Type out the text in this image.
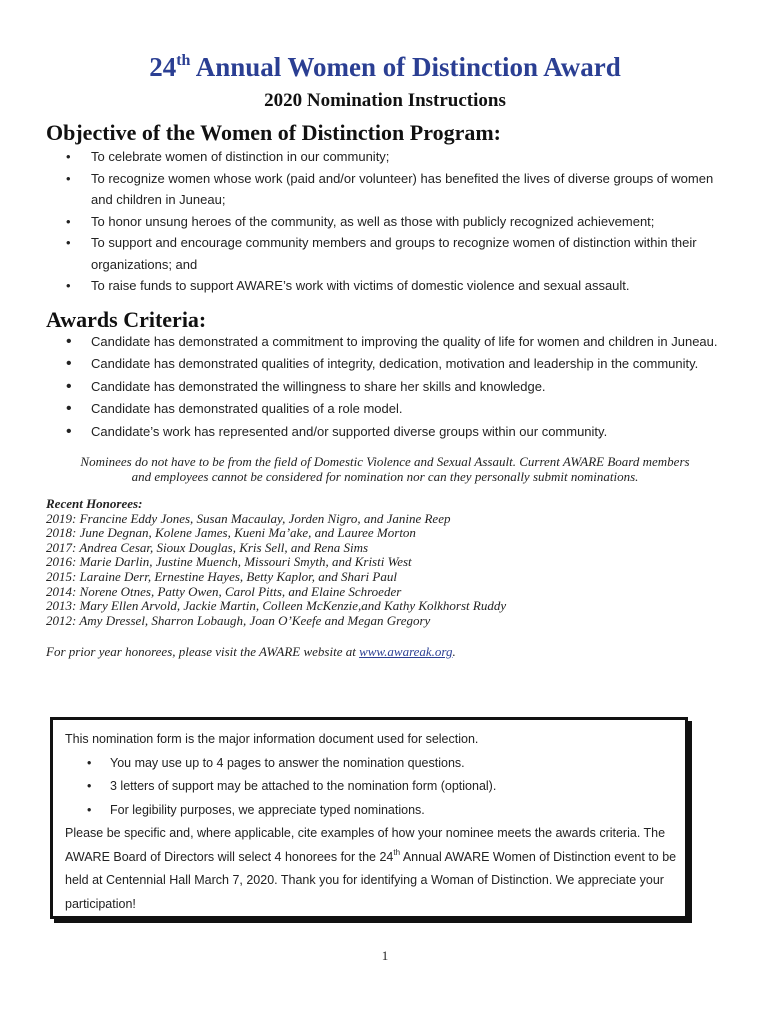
24th Annual Women of Distinction Award
2020 Nomination Instructions
Objective of the Women of Distinction Program:
• To celebrate women of distinction in our community;
• To recognize women whose work (paid and/or volunteer) has benefited the lives of diverse groups of women and children in Juneau;
• To honor unsung heroes of the community, as well as those with publicly recognized achievement;
• To support and encourage community members and groups to recognize women of distinction within their organizations; and
• To raise funds to support AWARE’s work with victims of domestic violence and sexual assault.
Awards Criteria:
• Candidate has demonstrated a commitment to improving the quality of life for women and children in Juneau.
• Candidate has demonstrated qualities of integrity, dedication, motivation and leadership in the community.
• Candidate has demonstrated the willingness to share her skills and knowledge.
• Candidate has demonstrated qualities of a role model.
• Candidate’s work has represented and/or supported diverse groups within our community.
Nominees do not have to be from the field of Domestic Violence and Sexual Assault. Current AWARE Board members
and employees cannot be considered for nomination nor can they personally submit nominations.
Recent Honorees:
2019: Francine Eddy Jones, Susan Macaulay, Jorden Nigro, and Janine Reep
2018: June Degnan, Kolene James, Kueni Ma’ake, and Lauree Morton
2017: Andrea Cesar, Sioux Douglas, Kris Sell, and Rena Sims
2016: Marie Darlin, Justine Muench, Missouri Smyth, and Kristi West
2015: Laraine Derr, Ernestine Hayes, Betty Kaplor, and Shari Paul
2014: Norene Otnes, Patty Owen, Carol Pitts, and Elaine Schroeder
2013: Mary Ellen Arvold, Jackie Martin, Colleen McKenzie,and Kathy Kolkhorst Ruddy
2012: Amy Dressel, Sharron Lobaugh, Joan O’Keefe and Megan Gregory
For prior year honorees, please visit the AWARE website at www.awareak.org.
This nomination form is the major information document used for selection.
• You may use up to 4 pages to answer the nomination questions.
• 3 letters of support may be attached to the nomination form (optional).
• For legibility purposes, we appreciate typed nominations.
Please be specific and, where applicable, cite examples of how your nominee meets the awards criteria. The AWARE Board of Directors will select 4 honorees for the 24th Annual AWARE Women of Distinction event to be held at Centennial Hall March 7, 2020. Thank you for identifying a Woman of Distinction. We appreciate your participation!
1
